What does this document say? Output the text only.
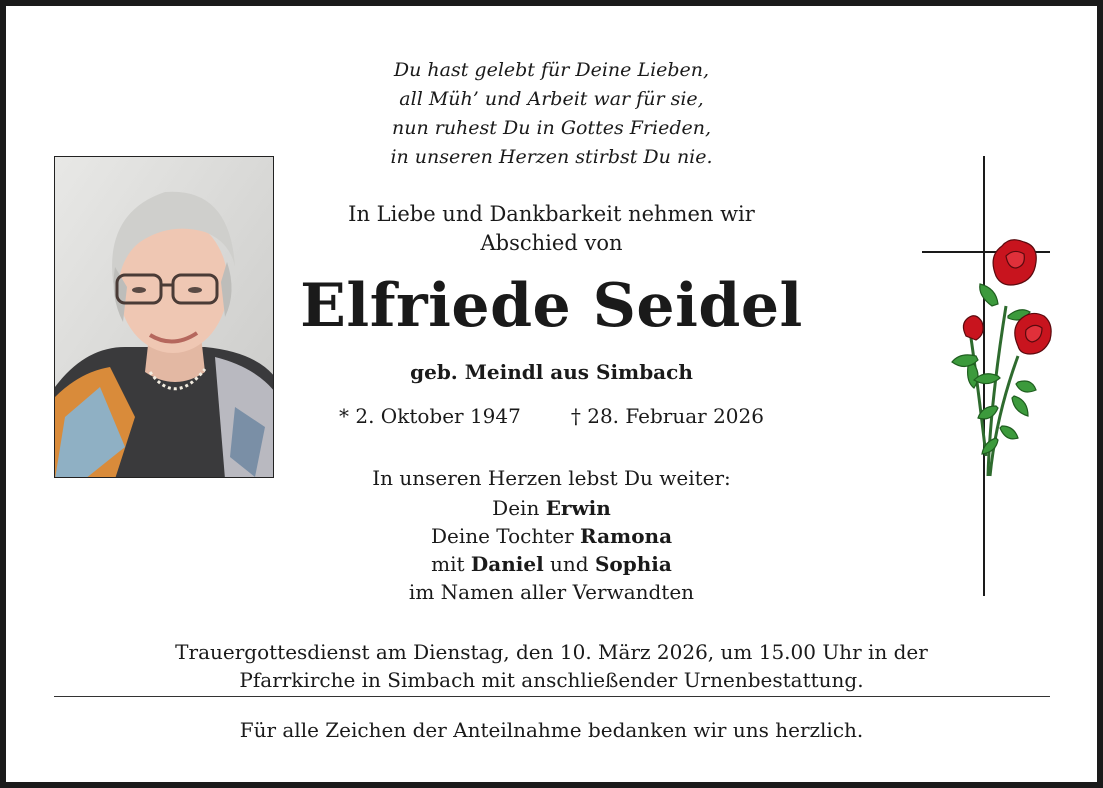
Du hast gelebt für Deine Lieben,
all Müh’ und Arbeit war für sie,
nun ruhest Du in Gottes Frieden,
in unseren Herzen stirbst Du nie.
In Liebe und Dankbarkeit nehmen wir
Abschied von
Elfriede Seidel
geb. Meindl aus Simbach
* 2. Oktober 1947	† 28. Februar 2026
In unseren Herzen lebst Du weiter:
Dein Erwin
Deine Tochter Ramona
mit Daniel und Sophia
im Namen aller Verwandten
Trauergottesdienst am Dienstag, den 10. März 2026, um 15.00 Uhr in der
Pfarrkirche in Simbach mit anschließender Urnenbestattung.
Für alle Zeichen der Anteilnahme bedanken wir uns herzlich.
